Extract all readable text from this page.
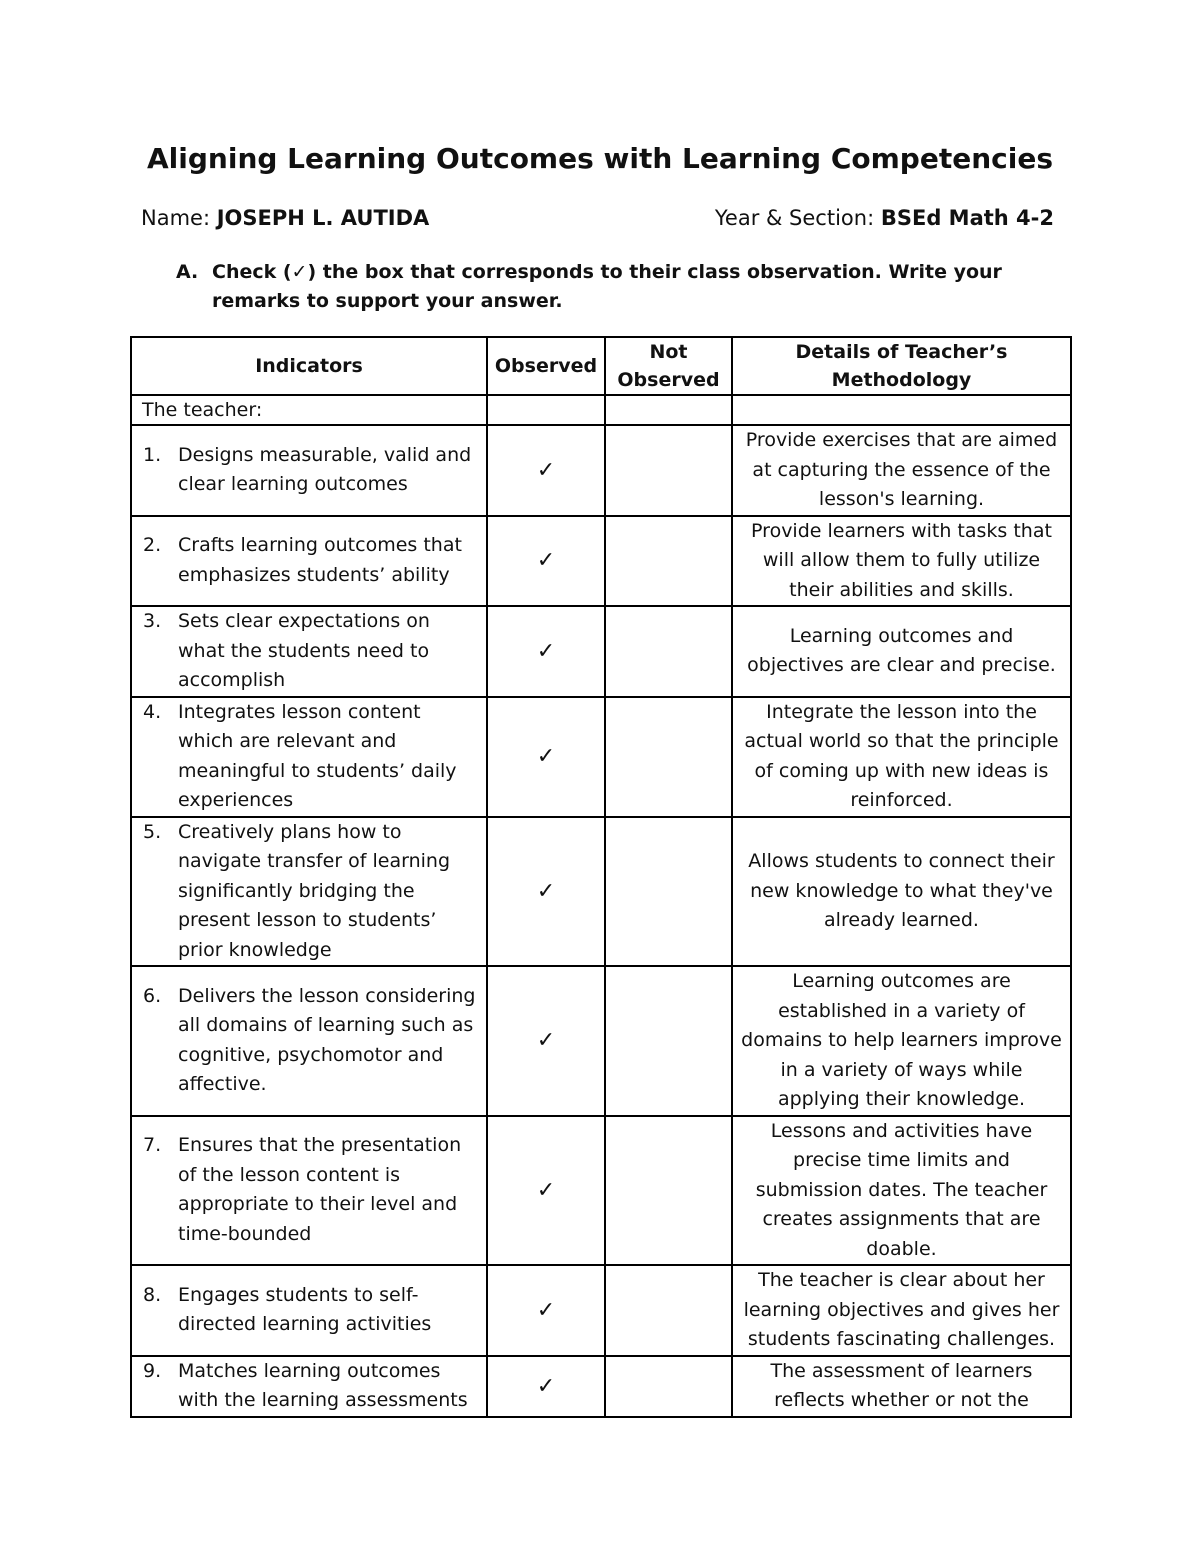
Aligning Learning Outcomes with Learning Competencies
Name: JOSEPH L. AUTIDA	Year & Section: BSEd Math 4-2
A. Check (✓) the box that corresponds to their class observation. Write your remarks to support your answer.
Indicators	Observed	Not Observed	Details of Teacher’s Methodology
The teacher:			

1. Designs measurable, valid and clear learning outcomes	✓		Provide exercises that are aimed at capturing the essence of the lesson's learning.

2. Crafts learning outcomes that emphasizes students’ ability	✓		Provide learners with tasks that will allow them to fully utilize their abilities and skills.

3. Sets clear expectations on what the students need to accomplish	✓		Learning outcomes and objectives are clear and precise.

4. Integrates lesson content which are relevant and meaningful to students’ daily experiences	✓		Integrate the lesson into the actual world so that the principle of coming up with new ideas is reinforced.

5. Creatively plans how to navigate transfer of learning significantly bridging the present lesson to students’ prior knowledge	✓		Allows students to connect their new knowledge to what they've already learned.

6. Delivers the lesson considering all domains of learning such as cognitive, psychomotor and affective.	✓		Learning outcomes are established in a variety of domains to help learners improve in a variety of ways while applying their knowledge.

7. Ensures that the presentation of the lesson content is appropriate to their level and time-bounded	✓		Lessons and activities have precise time limits and submission dates. The teacher creates assignments that are doable.

8. Engages students to self-directed learning activities	✓		The teacher is clear about her learning objectives and gives her students fascinating challenges.

9. Matches learning outcomes with the learning assessments	✓		The assessment of learners reflects whether or not the
